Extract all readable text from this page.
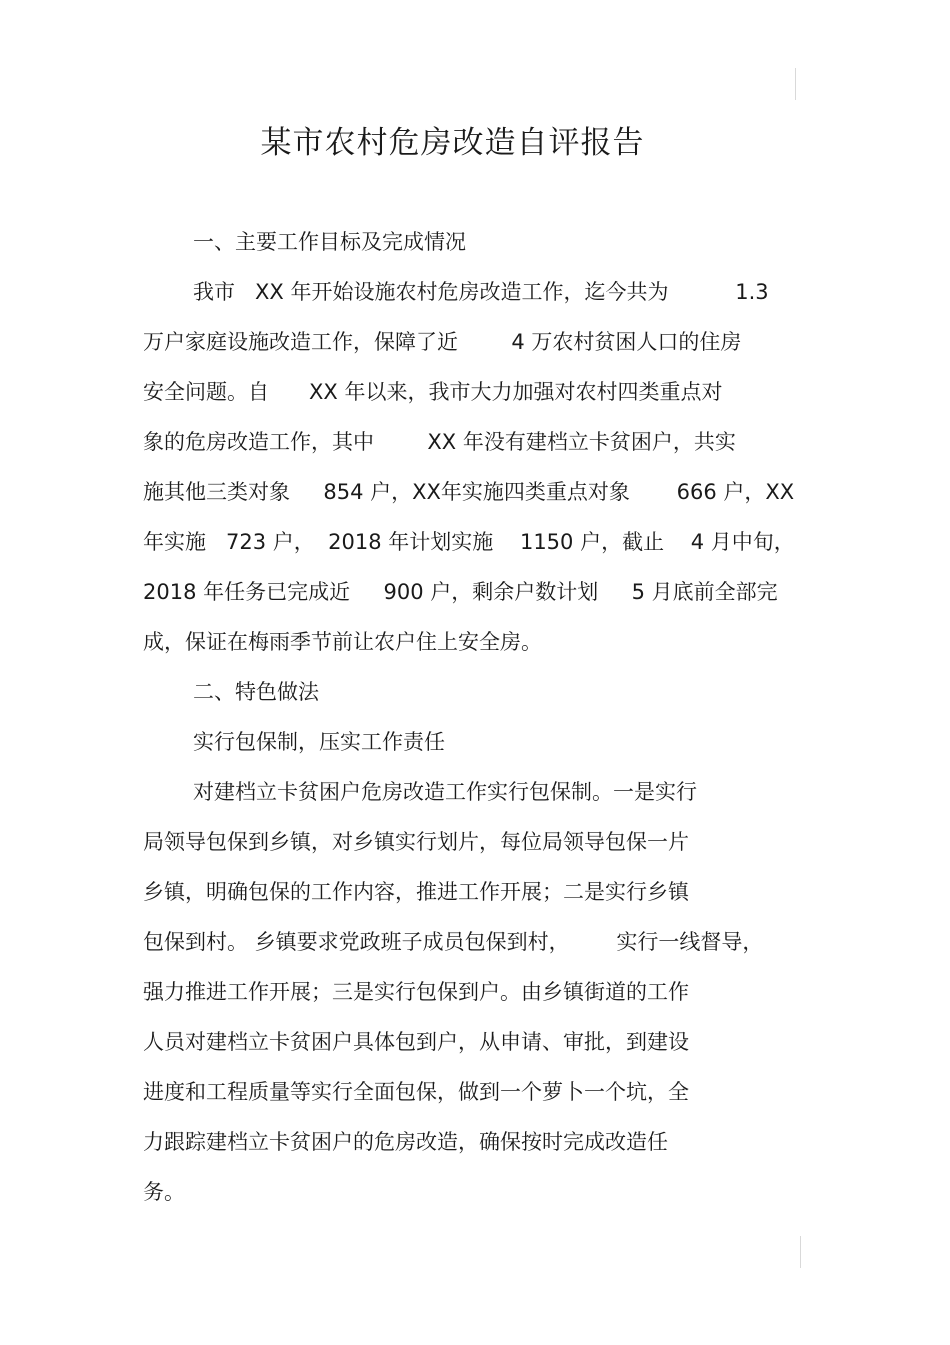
某市农村危房改造自评报告
一、主要工作目标及完成情况
我市   XX 年开始设施农村危房改造工作，迄今共为          1.3
万户家庭设施改造工作，保障了近        4 万农村贫困人口的住房
安全问题。自      XX 年以来，我市大力加强对农村四类重点对
象的危房改造工作，其中        XX 年没有建档立卡贫困户，共实
施其他三类对象     854 户，XX年实施四类重点对象       666 户，XX
年实施   723 户，  2018 年计划实施    1150 户，截止    4 月中旬，
2018 年任务已完成近     900 户，剩余户数计划     5 月底前全部完
成，保证在梅雨季节前让农户住上安全房。
二、特色做法
实行包保制，压实工作责任
对建档立卡贫困户危房改造工作实行包保制。一是实行
局领导包保到乡镇，对乡镇实行划片，每位局领导包保一片
乡镇，明确包保的工作内容，推进工作开展；二是实行乡镇
包保到村。 乡镇要求党政班子成员包保到村，       实行一线督导，
强力推进工作开展；三是实行包保到户。由乡镇街道的工作
人员对建档立卡贫困户具体包到户，从申请、审批，到建设
进度和工程质量等实行全面包保，做到一个萝卜一个坑，全
力跟踪建档立卡贫困户的危房改造，确保按时完成改造任
务。
